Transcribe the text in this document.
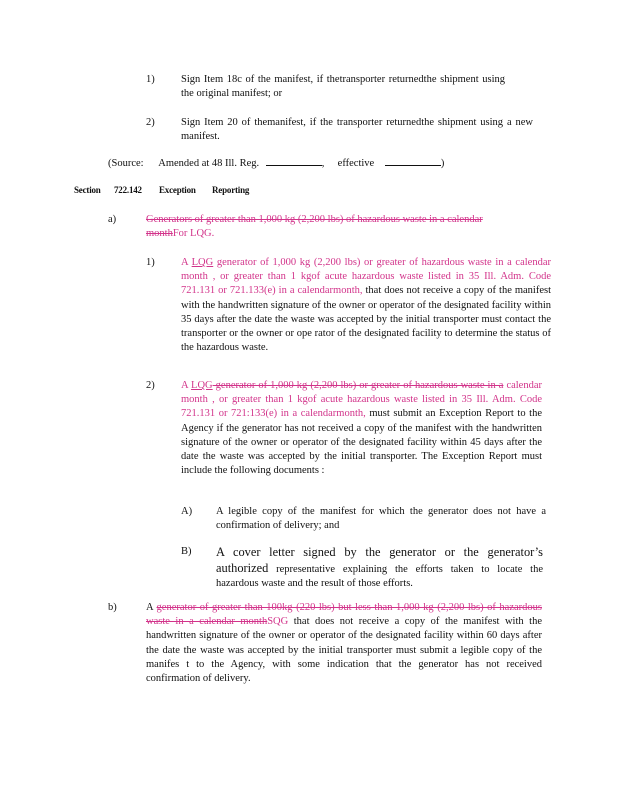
1)	Sign Item 18c of the manifest, if thetransporter returnedthe shipment using the original manifest; or
2)	Sign Item 20 of themanifest, if the transporter returnedthe shipment using a new manifest.
(Source: Amended at 48 Ill. Reg.	, effective	)
Section 722.142 Exception Reporting
a)	Generators of greater than 1,000 kg (2,200 lbs) of hazardous waste in a calendar monthFor LQG.
1)	A LQG generator of 1,000 kg (2,200 lbs) or greater of hazardous waste in a calendar month , or greater than 1 kgof acute hazardous waste listed in 35 Ill. Adm. Code 721.131 or 721.133(e) in a calendarmonth, that does not receive a copy of the manifest with the handwritten signature of the owner or operator of the designated facility within 35 days after the date the waste was accepted by the initial transporter must contact the transporter or the owner or ope rator of the designated facility to determine the status of the hazardous waste.
2)	A LQG generator of 1,000 kg (2,200 lbs) or greater of hazardous waste in a calendar month , or greater than 1 kgof acute hazardous waste listed in 35 Ill. Adm. Code 721.131 or 721:133(e) in a calendarmonth, must submit an Exception Report to the Agency if the generator has not received a copy of the manifest with the handwritten signature of the owner or operator of the designated facility within 45 days after the date the waste was accepted by the initial transporter. The Exception Report must include the following documents :
A) A legible copy of the manifest for which the generator does not have a confirmation of delivery; and
B) A cover letter signed by the generator or the generator’s authorized representative explaining the efforts taken to locate the hazardous waste and the result of those efforts.
b)	A generator of greater than 100kg (220 lbs) but less than 1,000 kg (2,200 lbs) of hazardous waste in a calendar monthSQG that does not receive a copy of the manifest with the handwritten signature of the owner or operator of the designated facility within 60 days after the date the waste was accepted by the initial transporter must submit a legible copy of the manifes t to the Agency, with some indication that the generator has not received confirmation of delivery.
